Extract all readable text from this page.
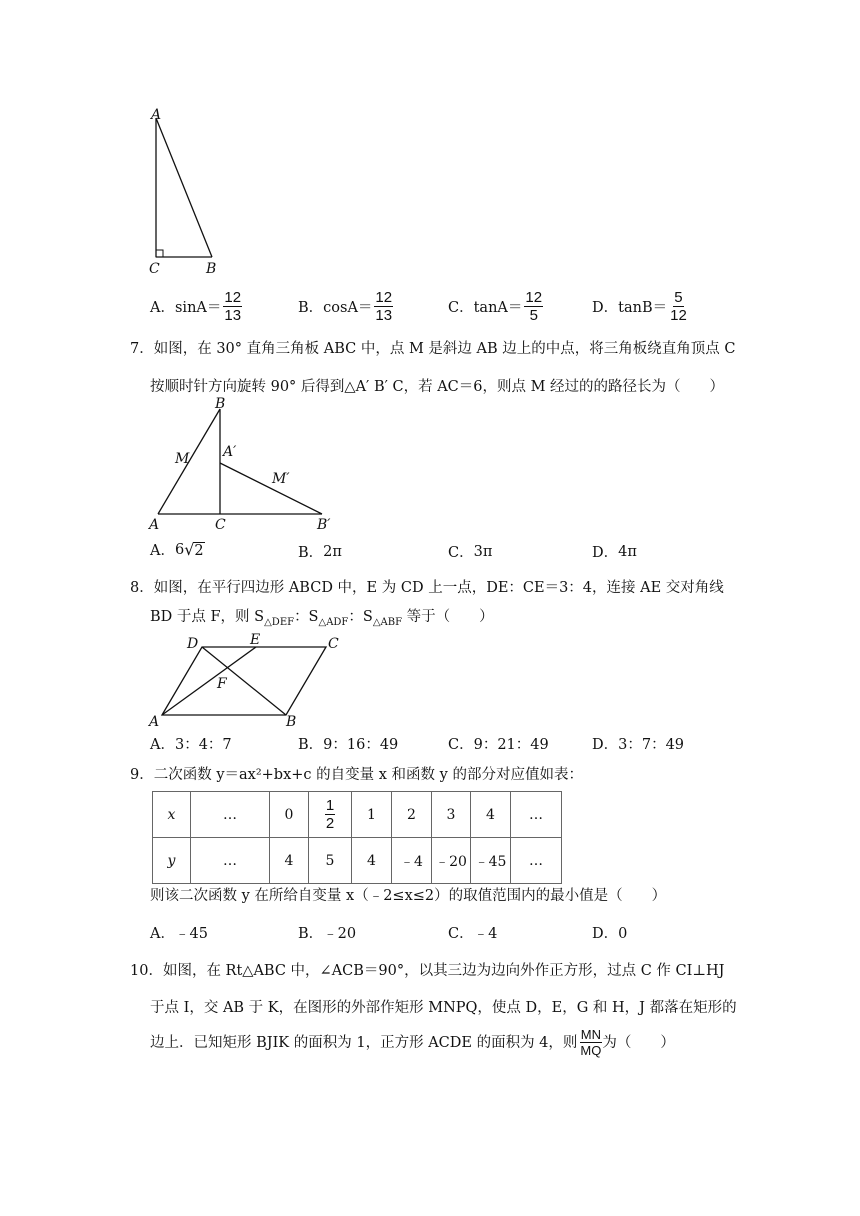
A
C	B
A． $\sin A= \frac{12}{13}$	B． $\cos A= \frac{12}{13}$	C． $\tan A= \frac{12}{5}$	D． $\tan B= \frac{5}{12}$
7．如图，在 30° 直角三角板 ABC 中，点 M 是斜边 AB 边上的中点，将三角板绕直角顶点 C
按顺时针方向旋转 90° 后得到△A′ B′ C，若 AC＝6，则点 M 经过的的路径长为（　　）
B
M A′
M′
A	C	B′
A． 6 √ 2	B． 2π	C． 3π	D． 4π
8．如图，在平行四边形 ABCD 中，E 为 CD 上一点，DE：CE＝3：4，连接 AE 交对角线
BD 于点 F，则 $S_{\triangle DEF}$：$S_{\triangle ADF}$：$S_{\triangle ABF}$ 等于（　　）
D	E	C
F
A	B
A．3：4：7	B．9：16：49	C．9：21：49	D．3：7：49
9．二次函数 y＝ax²+bx+c 的自变量 x 和函数 y 的部分对应值如表：
x	…	0	$\frac{1}{2}$	1	2	3	4	…
y	…	4	5	4	﹣4	﹣20	﹣45	…
则该二次函数 y 在所给自变量 x（﹣2≤x≤2）的取值范围内的最小值是（　　）
A．﹣45	B．﹣20	C．﹣4	D．0
10．如图，在 Rt△ABC 中，∠ACB＝90°，以其三边为边向外作正方形，过点 C 作 CI⊥HJ
于点 I，交 AB 于 K，在图形的外部作矩形 MNPQ，使点 D，E，G 和 H，J 都落在矩形的
边上．已知矩形 BJIK 的面积为 1，正方形 ACDE 的面积为 4，则 $\frac{MN}{MQ}$ 为（　　）
